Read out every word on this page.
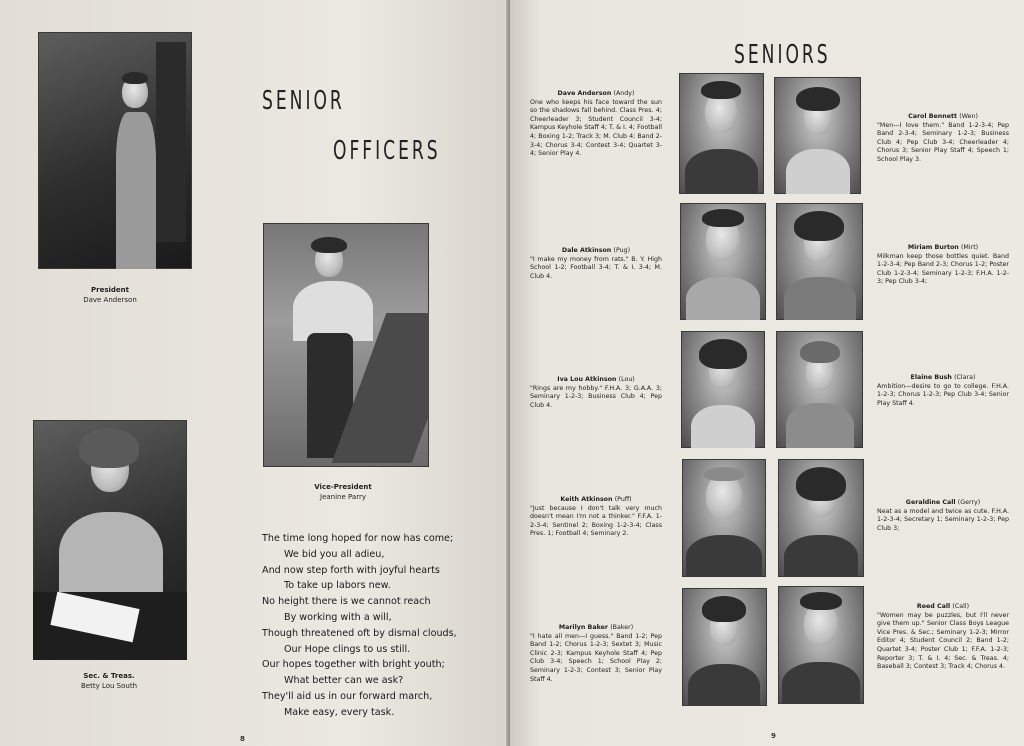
President
Dave Anderson
SENIOR
OFFICERS
Vice-President
Jeanine Parry
Sec. & Treas.
Betty Lou South
The time long hoped for now has come;
We bid you all adieu,
And now step forth with joyful hearts
To take up labors new.
No height there is we cannot reach
By working with a will,
Though threatened oft by dismal clouds,
Our Hope clings to us still.
Our hopes together with bright youth;
What better can we ask?
They'll aid us in our forward march,
Make easy, every task.
8
SENIORS
9
Dave Anderson (Andy)
One who keeps his face toward the sun so the shadows fall behind. Class Pres. 4; Cheerleader 3; Student Council 3-4; Kampus Keyhole Staff 4; T. & I. 4; Football 4; Boxing 1-2; Track 3; M. Club 4; Band 2-3-4; Chorus 3-4; Contest 3-4; Quartet 3-4; Senior Play 4.
Dale Atkinson (Pug)
"I make my money from rats." B. Y. High School 1-2; Football 3-4; T. & I. 3-4; M. Club 4.
Iva Lou Atkinson (Lou)
"Rings are my hobby." F.H.A. 3; G.A.A. 3; Seminary 1-2-3; Business Club 4; Pep Club 4.
Keith Atkinson (Puff)
"Just because I don't talk very much doesn't mean I'm not a thinker." F.F.A. 1-2-3-4; Sentinel 2; Boxing 1-2-3-4; Class Pres. 1; Football 4; Seminary 2.
Marilyn Baker (Baker)
"I hate all men—I guess." Band 1-2; Pep Band 1-2; Chorus 1-2-3; Sextet 3; Music Clinic 2-3; Kampus Keyhole Staff 4; Pep Club 3-4; Speech 1; School Play 2; Seminary 1-2-3; Contest 3; Senior Play Staff 4.
Carol Bennett (Wen)
"Men—I love them." Band 1-2-3-4; Pep Band 2-3-4; Seminary 1-2-3; Business Club 4; Pep Club 3-4; Cheerleader 4; Chorus 3; Senior Play Staff 4; Speech 1; School Play 3.
Miriam Burton (Mirt)
Milkman keep those bottles quiet. Band 1-2-3-4; Pep Band 2-3; Chorus 1-2; Poster Club 1-2-3-4; Seminary 1-2-3; F.H.A. 1-2-3; Pep Club 3-4;
Elaine Bush (Clara)
Ambition—desire to go to college. F.H.A. 1-2-3; Chorus 1-2-3; Pep Club 3-4; Senior Play Staff 4.
Geraldine Call (Gerry)
Neat as a model and twice as cute. F.H.A. 1-2-3-4; Secretary 1; Seminary 1-2-3; Pep Club 3;
Reed Call (Call)
"Women may be puzzles, but I'll never give them up." Senior Class Boys League Vice Pres. & Sec.; Seminary 1-2-3; Mirror Editor 4; Student Council 2; Band 1-2; Quartet 3-4; Poster Club 1; F.F.A. 1-2-3; Reporter 3; T. & I. 4; Sec. & Treas. 4; Baseball 3; Contest 3; Track 4; Chorus 4.
